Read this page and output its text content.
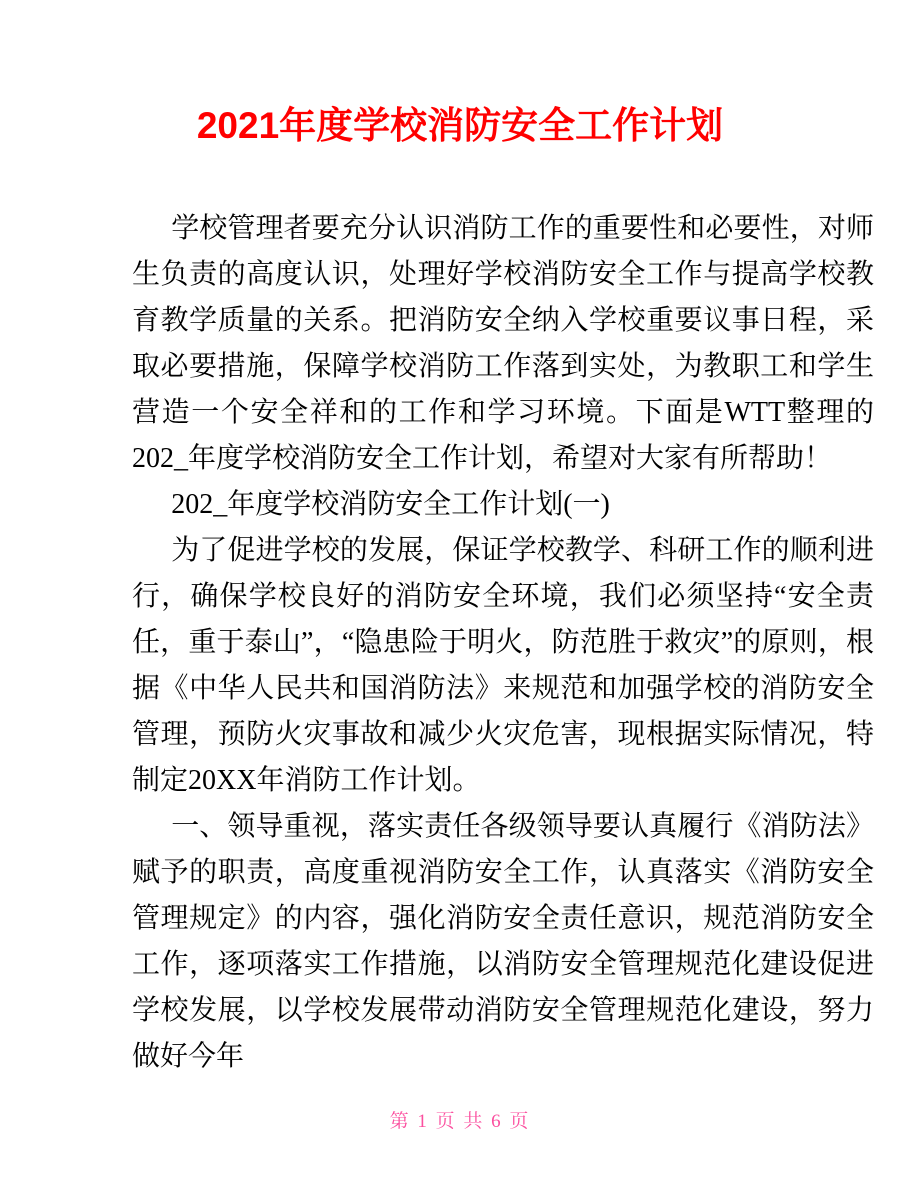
2021年度学校消防安全工作计划

学校管理者要充分认识消防工作的重要性和必要性，对师生负责的高度认识，处理好学校消防安全工作与提高学校教育教学质量的关系。把消防安全纳入学校重要议事日程，采取必要措施，保障学校消防工作落到实处，为教职工和学生营造一个安全祥和的工作和学习环境。下面是WTT整理的202_年度学校消防安全工作计划，希望对大家有所帮助！

202_年度学校消防安全工作计划(一)

为了促进学校的发展，保证学校教学、科研工作的顺利进行，确保学校良好的消防安全环境，我们必须坚持“安全责任，重于泰山”，“隐患险于明火，防范胜于救灾”的原则，根据《中华人民共和国消防法》来规范和加强学校的消防安全管理，预防火灾事故和减少火灾危害，现根据实际情况，特制定20XX年消防工作计划。

一、领导重视，落实责任各级领导要认真履行《消防法》赋予的职责，高度重视消防安全工作，认真落实《消防安全管理规定》的内容，强化消防安全责任意识，规范消防安全工作，逐项落实工作措施，以消防安全管理规范化建设促进学校发展，以学校发展带动消防安全管理规范化建设，努力做好今年

第 1 页 共 6 页
